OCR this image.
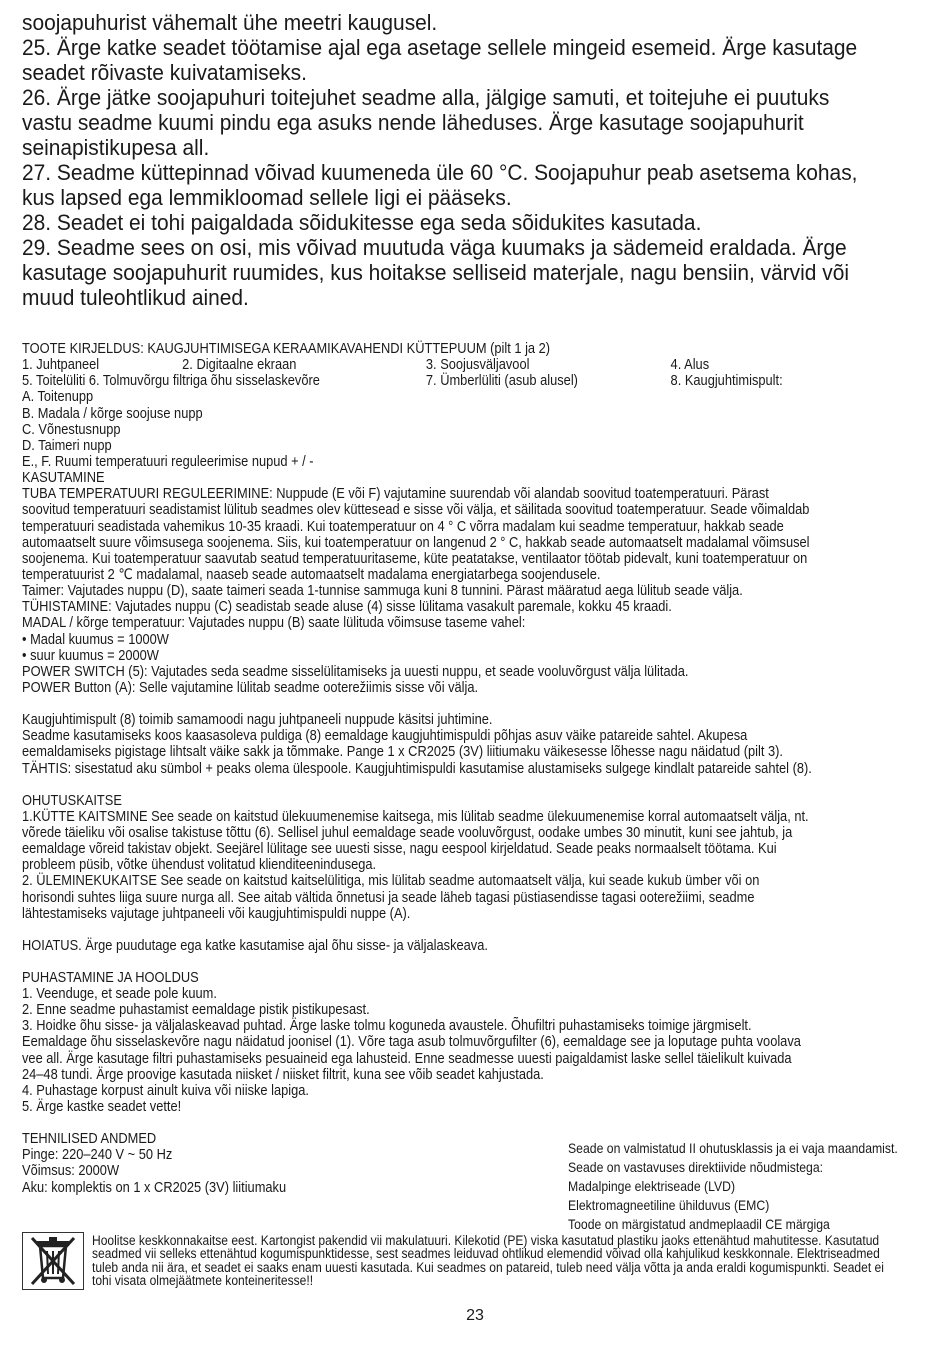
soojapuhurist vähemalt ühe meetri kaugusel.

25. Ärge katke seadet töötamise ajal ega asetage sellele mingeid esemeid. Ärge kasutage

seadet rõivaste kuivatamiseks.

26. Ärge jätke soojapuhuri toitejuhet seadme alla, jälgige samuti, et toitejuhe ei puutuks

vastu seadme kuumi pindu ega asuks nende läheduses. Ärge kasutage soojapuhurit

seinapistikupesa all.

27. Seadme küttepinnad võivad kuumeneda üle 60 °C. Soojapuhur peab asetsema kohas,

kus lapsed ega lemmikloomad sellele ligi ei pääseks.

28. Seadet ei tohi paigaldada sõidukitesse ega seda sõidukites kasutada.

29. Seadme sees on osi, mis võivad muutuda väga kuumaks ja sädemeid eraldada. Ärge

kasutage soojapuhurit ruumides, kus hoitakse selliseid materjale, nagu bensiin, värvid või

muud tuleohtlikud ained.

TOOTE KIRJELDUS: KAUGJUHTIMISEGA KERAAMIKAVAHENDI KÜTTEPUUM (pilt 1 ja 2)
1. Juhtpaneel	2. Digitaalne ekraan	3. Soojusväljavool	4. Alus
5. Toitelüliti 6. Tolmuvõrgu filtriga õhu sisselaskevõre	7. Ümberlüliti (asub alusel)	8. Kaugjuhtimispult:
A. Toitenupp
B. Madala / kõrge soojuse nupp
C. Võnestusnupp
D. Taimeri nupp
E., F. Ruumi temperatuuri reguleerimise nupud + / -
KASUTAMINE
TUBA TEMPERATUURI REGULEERIMINE: Nuppude (E või F) vajutamine suurendab või alandab soovitud toatemperatuuri. Pärast
soovitud temperatuuri seadistamist lülitub seadmes olev küttesead e sisse või välja, et säilitada soovitud toatemperatuur. Seade võimaldab
temperatuuri seadistada vahemikus 10-35 kraadi. Kui toatemperatuur on 4 ° C võrra madalam kui seadme temperatuur, hakkab seade
automaatselt suure võimsusega soojenema. Siis, kui toatemperatuur on langenud 2 ° C, hakkab seade automaatselt madalamal võimsusel
soojenema. Kui toatemperatuur saavutab seatud temperatuuritaseme, küte peatatakse, ventilaator töötab pidevalt, kuni toatemperatuur on
temperatuurist 2 ℃ madalamal, naaseb seade automaatselt madalama energiatarbega soojendusele.
Taimer: Vajutades nuppu (D), saate taimeri seada 1-tunnise sammuga kuni 8 tunnini. Pärast määratud aega lülitub seade välja.
TÜHISTAMINE: Vajutades nuppu (C) seadistab seade aluse (4) sisse lülitama vasakult paremale, kokku 45 kraadi.
MADAL / kõrge temperatuur: Vajutades nuppu (B) saate lülituda võimsuse taseme vahel:
• Madal kuumus = 1000W
• suur kuumus = 2000W
POWER SWITCH (5): Vajutades seda seadme sisselülitamiseks ja uuesti nuppu, et seade vooluvõrgust välja lülitada.
POWER Button (A): Selle vajutamine lülitab seadme ooterežiimis sisse või välja.
Kaugjuhtimispult (8) toimib samamoodi nagu juhtpaneeli nuppude käsitsi juhtimine.
Seadme kasutamiseks koos kaasasoleva puldiga (8) eemaldage kaugjuhtimispuldi põhjas asuv väike patareide sahtel. Akupesa
eemaldamiseks pigistage lihtsalt väike sakk ja tõmmake. Pange 1 x CR2025 (3V) liitiumaku väikesesse lõhesse nagu näidatud (pilt 3).
TÄHTIS: sisestatud aku sümbol + peaks olema ülespoole. Kaugjuhtimispuldi kasutamise alustamiseks sulgege kindlalt patareide sahtel (8).
OHUTUSKAITSE
1.KÜTTE KAITSMINE See seade on kaitstud ülekuumenemise kaitsega, mis lülitab seadme ülekuumenemise korral automaatselt välja, nt.
võrede täieliku või osalise takistuse tõttu (6). Sellisel juhul eemaldage seade vooluvõrgust, oodake umbes 30 minutit, kuni see jahtub, ja
eemaldage võreid takistav objekt. Seejärel lülitage see uuesti sisse, nagu eespool kirjeldatud. Seade peaks normaalselt töötama. Kui
probleem püsib, võtke ühendust volitatud klienditeenindusega.
2. ÜLEMINEKUKAITSE See seade on kaitstud kaitselülitiga, mis lülitab seadme automaatselt välja, kui seade kukub ümber või on
horisondi suhtes liiga suure nurga all. See aitab vältida õnnetusi ja seade läheb tagasi püstiasendisse tagasi ooterežiimi, seadme
lähtestamiseks vajutage juhtpaneeli või kaugjuhtimispuldi nuppe (A).
HOIATUS. Ärge puudutage ega katke kasutamise ajal õhu sisse- ja väljalaskeava.
PUHASTAMINE JA HOOLDUS
1. Veenduge, et seade pole kuum.
2. Enne seadme puhastamist eemaldage pistik pistikupesast.
3. Hoidke õhu sisse- ja väljalaskeavad puhtad. Ärge laske tolmu koguneda avaustele. Õhufiltri puhastamiseks toimige järgmiselt.
Eemaldage õhu sisselaskevõre nagu näidatud joonisel (1). Võre taga asub tolmuvõrgufilter (6), eemaldage see ja loputage puhta voolava
vee all. Ärge kasutage filtri puhastamiseks pesuaineid ega lahusteid. Enne seadmesse uuesti paigaldamist laske sellel täielikult kuivada
24–48 tundi. Ärge proovige kasutada niisket / niisket filtrit, kuna see võib seadet kahjustada.
4. Puhastage korpust ainult kuiva või niiske lapiga.
5. Ärge kastke seadet vette!
TEHNILISED ANDMED
Pinge: 220–240 V ~ 50 Hz
Võimsus: 2000W
Aku: komplektis on 1 x CR2025 (3V) liitiumaku
Seade on valmistatud II ohutusklassis ja ei vaja maandamist.
Seade on vastavuses direktiivide nõudmistega:
Madalpinge elektriseade (LVD)
Elektromagneetiline ühilduvus (EMC)
Toode on märgistatud andmeplaadil CE märgiga
Hoolitse keskkonnakaitse eest. Kartongist pakendid vii makulatuuri. Kilekotid (PE) viska kasutatud plastiku jaoks ettenähtud mahutitesse. Kasutatud
seadmed vii selleks ettenähtud kogumispunktidesse, sest seadmes leiduvad ohtlikud elemendid võivad olla kahjulikud keskkonnale. Elektriseadmed
tuleb anda nii ära, et seadet ei saaks enam uuesti kasutada. Kui seadmes on patareid, tuleb need välja võtta ja anda eraldi kogumispunkti. Seadet ei
tohi visata olmejäätmete konteineritesse!!
23
